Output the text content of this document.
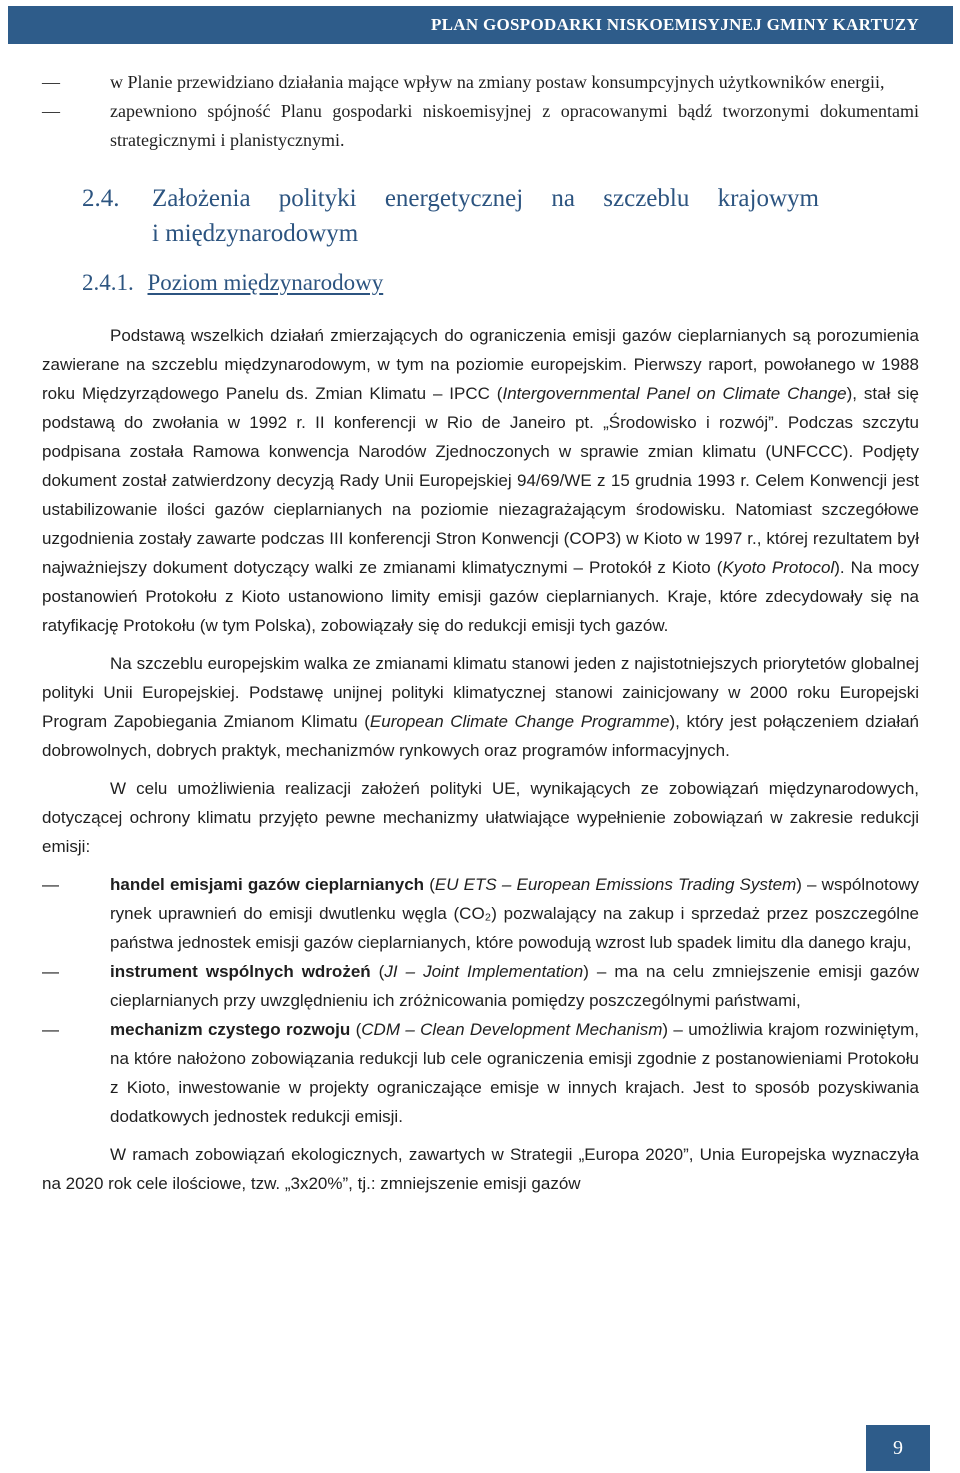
PLAN GOSPODARKI NISKOEMISYJNEJ GMINY KARTUZY
—	w Planie przewidziano działania mające wpływ na zmiany postaw konsumpcyjnych użytkowników energii,
—	zapewniono spójność Planu gospodarki niskoemisyjnej z opracowanymi bądź tworzonymi dokumentami strategicznymi i planistycznymi.
2.4. Założenia polityki energetycznej na szczeblu krajowym
i międzynarodowym
2.4.1. Poziom międzynarodowy

Podstawą wszelkich działań zmierzających do ograniczenia emisji gazów cieplarnianych są porozumienia zawierane na szczeblu międzynarodowym, w tym na poziomie europejskim. Pierwszy raport, powołanego w 1988 roku Międzyrządowego Panelu ds. Zmian Klimatu – IPCC (Intergovernmental Panel on Climate Change), stał się podstawą do zwołania w 1992 r. II konferencji w Rio de Janeiro pt. „Środowisko i rozwój”. Podczas szczytu podpisana została Ramowa konwencja Narodów Zjednoczonych w sprawie zmian klimatu (UNFCCC). Podjęty dokument został zatwierdzony decyzją Rady Unii Europejskiej 94/69/WE z 15 grudnia 1993 r. Celem Konwencji jest ustabilizowanie ilości gazów cieplarnianych na poziomie niezagrażającym środowisku. Natomiast szczegółowe uzgodnienia zostały zawarte podczas III konferencji Stron Konwencji (COP3) w Kioto w 1997 r., której rezultatem był najważniejszy dokument dotyczący walki ze zmianami klimatycznymi – Protokół z Kioto (Kyoto Protocol). Na mocy postanowień Protokołu z Kioto ustanowiono limity emisji gazów cieplarnianych. Kraje, które zdecydowały się na ratyfikację Protokołu (w tym Polska), zobowiązały się do redukcji emisji tych gazów.

Na szczeblu europejskim walka ze zmianami klimatu stanowi jeden z najistotniejszych priorytetów globalnej polityki Unii Europejskiej. Podstawę unijnej polityki klimatycznej stanowi zainicjowany w 2000 roku Europejski Program Zapobiegania Zmianom Klimatu (European Climate Change Programme), który jest połączeniem działań dobrowolnych, dobrych praktyk, mechanizmów rynkowych oraz programów informacyjnych.

W celu umożliwienia realizacji założeń polityki UE, wynikających ze zobowiązań międzynarodowych, dotyczącej ochrony klimatu przyjęto pewne mechanizmy ułatwiające wypełnienie zobowiązań w zakresie redukcji emisji:

—	handel emisjami gazów cieplarnianych (EU ETS – European Emissions Trading System) – wspólnotowy rynek uprawnień do emisji dwutlenku węgla (CO₂) pozwalający na zakup i sprzedaż przez poszczególne państwa jednostek emisji gazów cieplarnianych, które powodują wzrost lub spadek limitu dla danego kraju,
—	instrument wspólnych wdrożeń (JI – Joint Implementation) – ma na celu zmniejszenie emisji gazów cieplarnianych przy uwzględnieniu ich zróżnicowania pomiędzy poszczególnymi państwami,
—	mechanizm czystego rozwoju (CDM – Clean Development Mechanism) – umożliwia krajom rozwiniętym, na które nałożono zobowiązania redukcji lub cele ograniczenia emisji zgodnie z postanowieniami Protokołu z Kioto, inwestowanie w projekty ograniczające emisje w innych krajach. Jest to sposób pozyskiwania dodatkowych jednostek redukcji emisji.

W ramach zobowiązań ekologicznych, zawartych w Strategii „Europa 2020”, Unia Europejska wyznaczyła na 2020 rok cele ilościowe, tzw. „3x20%”, tj.: zmniejszenie emisji gazów

9
